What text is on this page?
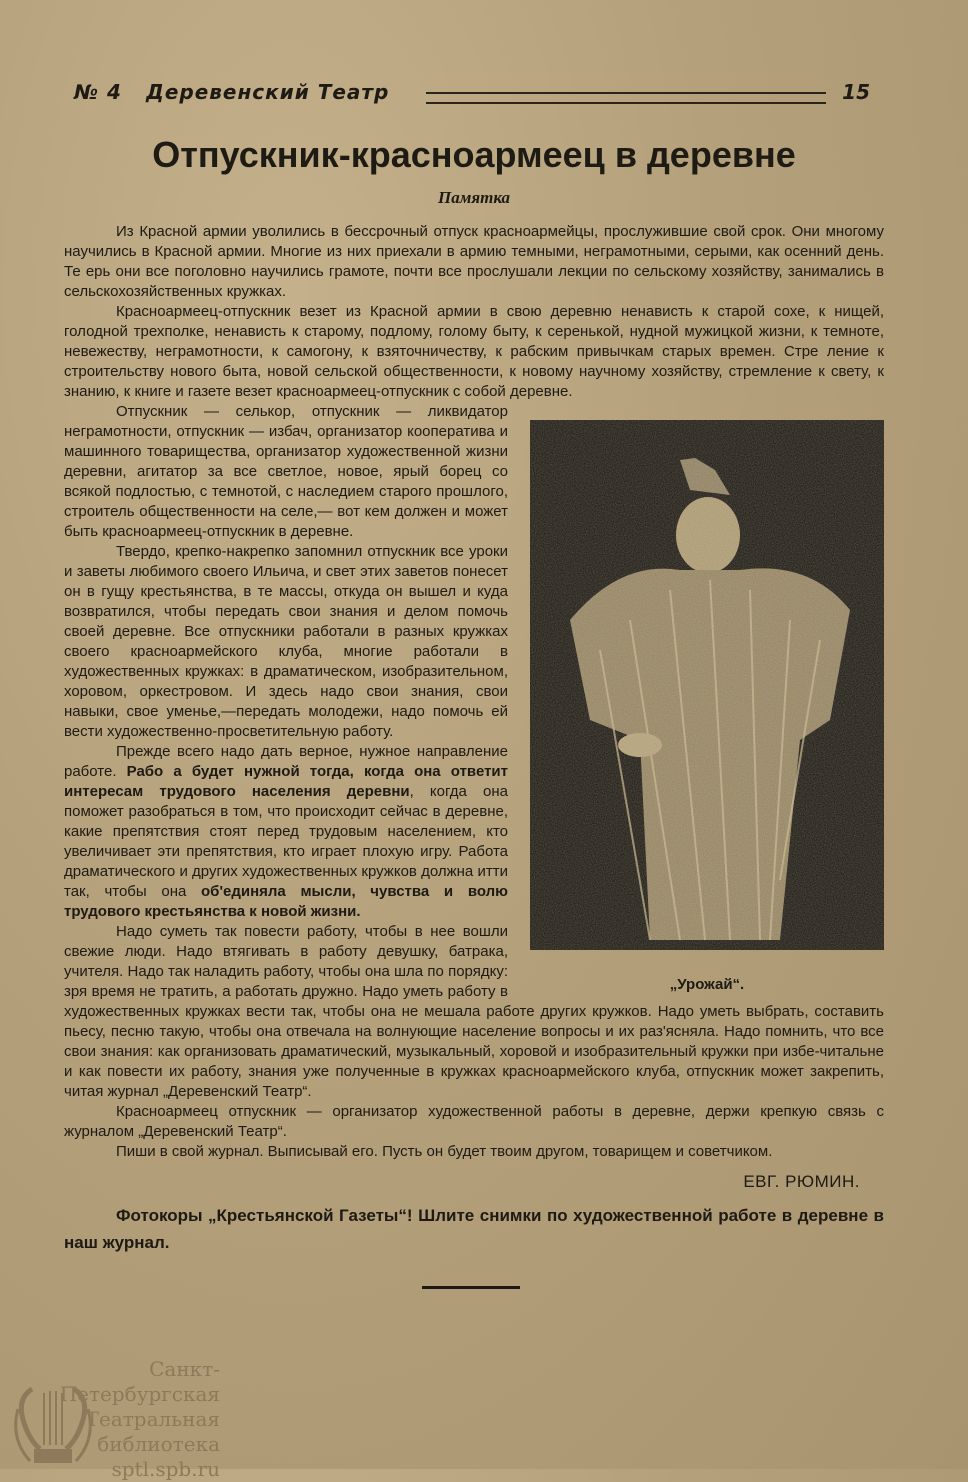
№ 4 Деревенский Театр	15
Отпускник-красноармеец в деревне
Памятка

Из Красной армии уволились в бессрочный отпуск красноармейцы, прослужившие свой срок. Они многому научились в Красной армии. Многие из них приехали в армию темными, неграмотными, серыми, как осенний день. Те ерь они все поголовно научились грамоте, почти все прослушали лекции по сельскому хозяйству, занимались в сельскохозяйственных кружках.

Красноармеец-отпускник везет из Красной армии в свою деревню ненависть к старой сохе, к нищей, голодной трехполке, ненависть к старому, подлому, голому быту, к серенькой, нудной мужицкой жизни, к темноте, невежеству, неграмотности, к самогону, к взяточничеству, к рабским привычкам старых времен. Стре ление к строительству нового быта, новой сельской общественности, к новому научному хозяйству, стремление к свету, к знанию, к книге и газете везет красноармеец-отпускник с собой деревне.

„Урожай“.

Отпускник — селькор, отпускник — ликвидатор неграмотности, отпускник — избач, организатор кооператива и машинного товарищества, организатор художественной жизни деревни, агитатор за все светлое, новое, ярый борец со всякой подлостью, с темнотой, с наследием старого прошлого, строитель общественности на селе,— вот кем должен и может быть красноармеец-отпускник в деревне.

Твердо, крепко-накрепко запомнил отпускник все уроки и заветы любимого своего Ильича, и свет этих заветов понесет он в гущу крестьянства, в те массы, откуда он вышел и куда возвратился, чтобы передать свои знания и делом помочь своей деревне. Все отпускники работали в разных кружках своего красноармейского клуба, многие работали в художественных кружках: в драматическом, изобразительном, хоровом, оркестровом. И здесь надо свои знания, свои навыки, свое уменье,—передать молодежи, надо помочь ей вести художественно-просветительную работу.

Прежде всего надо дать верное, нужное направление работе. Рабо а будет нужной тогда, когда она ответит интересам трудового населения деревни, когда она поможет разобраться в том, что происходит сейчас в деревне, какие препятствия стоят перед трудовым населением, кто увеличивает эти препятствия, кто играет плохую игру. Работа драматического и других художественных кружков должна итти так, чтобы она об'единяла мысли, чувства и волю трудового крестьянства к новой жизни.

Надо суметь так повести работу, чтобы в нее вошли свежие люди. Надо втягивать в работу девушку, батрака, учителя. Надо так наладить работу, чтобы она шла по порядку: зря время не тратить, а работать дружно. Надо уметь работу в художественных кружках вести так, чтобы она не мешала работе других кружков. Надо уметь выбрать, составить пьесу, песню такую, чтобы она отвечала на волнующие население вопросы и их раз'ясняла. Надо помнить, что все свои знания: как организовать драматический, музыкальный, хоровой и изобразительный кружки при избе-читальне и как повести их работу, знания уже полученные в кружках красноармейского клуба, отпускник может закрепить, читая журнал „Деревенский Театр“.

Красноармеец отпускник — организатор художественной работы в деревне, держи крепкую связь с журналом „Деревенский Театр“.

Пиши в свой журнал. Выписывай его. Пусть он будет твоим другом, товарищем и советчиком.

ЕВГ. РЮМИН.
Фотокоры „Крестьянской Газеты“! Шлите снимки по художественной работе в деревне в наш журнал.
Санкт-Петербургская
Театральная
библиотека
sptl.spb.ru
